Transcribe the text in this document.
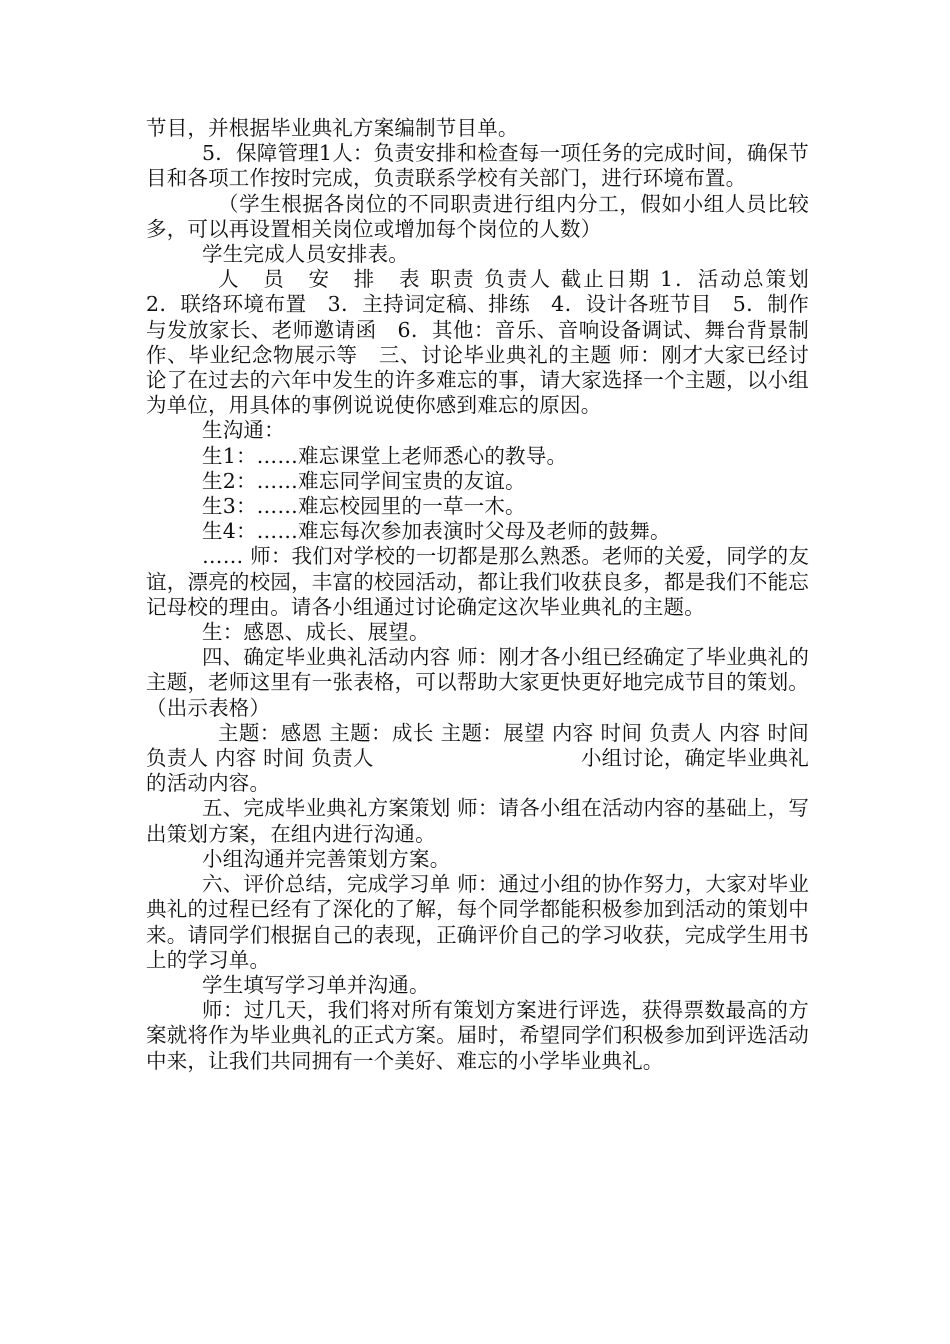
节目，并根据毕业典礼方案编制节目单。

5．保障管理1人：负责安排和检查每一项任务的完成时间，确保节目和各项工作按时完成，负责联系学校有关部门，进行环境布置。

（学生根据各岗位的不同职责进行组内分工，假如小组人员比较多，可以再设置相关岗位或增加每个岗位的人数）

学生完成人员安排表。

人　员　安　排　表 职责 负责人 截止日期 1．活动总策划　2．联络环境布置　3．主持词定稿、排练　4．设计各班节目　5．制作与发放家长、老师邀请函　6．其他：音乐、音响设备调试、舞台背景制作、毕业纪念物展示等　三、讨论毕业典礼的主题 师：刚才大家已经讨论了在过去的六年中发生的许多难忘的事，请大家选择一个主题，以小组为单位，用具体的事例说说使你感到难忘的原因。

生沟通：

生1：……难忘课堂上老师悉心的教导。

生2：……难忘同学间宝贵的友谊。

生3：……难忘校园里的一草一木。

生4：……难忘每次参加表演时父母及老师的鼓舞。

…… 师：我们对学校的一切都是那么熟悉。老师的关爱，同学的友谊，漂亮的校园，丰富的校园活动，都让我们收获良多，都是我们不能忘记母校的理由。请各小组通过讨论确定这次毕业典礼的主题。

生：感恩、成长、展望。

四、确定毕业典礼活动内容 师：刚才各小组已经确定了毕业典礼的主题，老师这里有一张表格，可以帮助大家更快更好地完成节目的策划。（出示表格）

主题：感恩 主题：成长 主题：展望 内容 时间 负责人 内容 时间 负责人 内容 时间 负责人　　　　　　　　　　小组讨论，确定毕业典礼的活动内容。

五、完成毕业典礼方案策划 师：请各小组在活动内容的基础上，写出策划方案，在组内进行沟通。

小组沟通并完善策划方案。

六、评价总结，完成学习单 师：通过小组的协作努力，大家对毕业典礼的过程已经有了深化的了解，每个同学都能积极参加到活动的策划中来。请同学们根据自己的表现，正确评价自己的学习收获，完成学生用书上的学习单。

学生填写学习单并沟通。

师：过几天，我们将对所有策划方案进行评选，获得票数最高的方案就将作为毕业典礼的正式方案。届时，希望同学们积极参加到评选活动中来，让我们共同拥有一个美好、难忘的小学毕业典礼。
